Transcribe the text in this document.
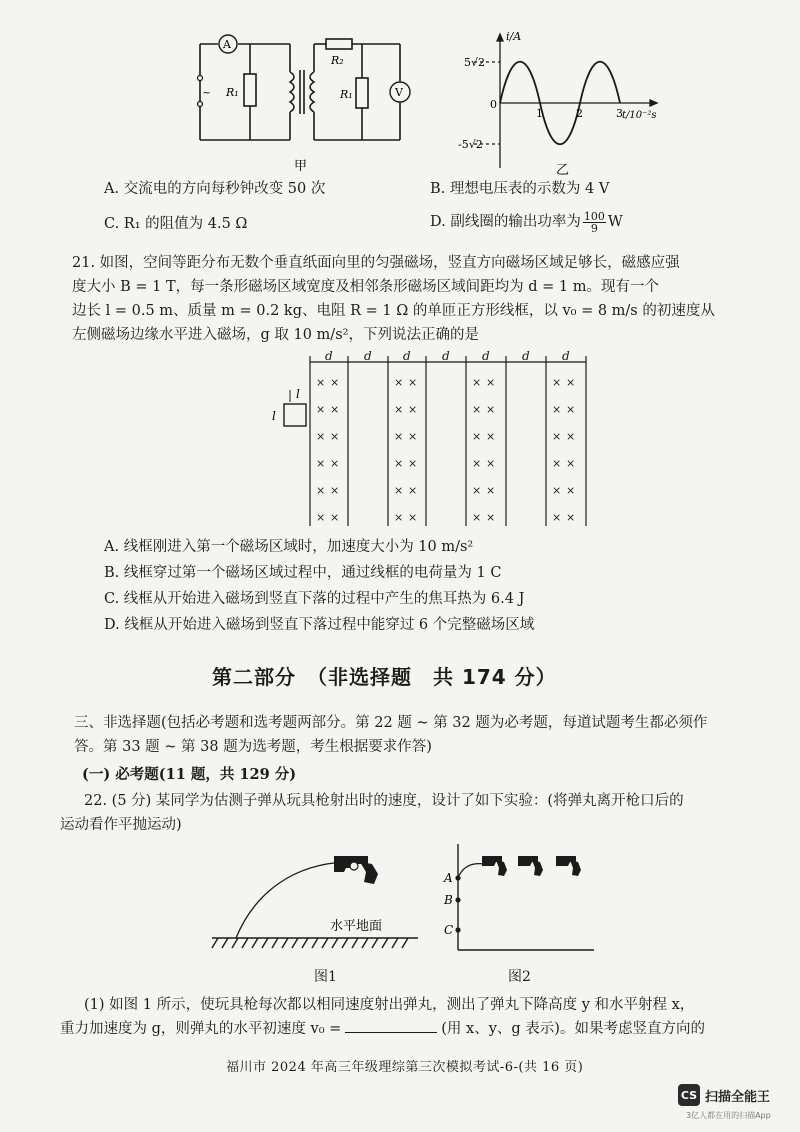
~
A
V
R₁
R₂
R₁
甲
i/A
t/10⁻²s
5√2
-5√2
0
1	2	3
乙
A. 交流电的方向每秒钟改变 50 次	B. 理想电压表的示数为 4 V
C. R₁ 的阻值为 4.5 Ω	D. 副线圈的输出功率为 $\frac{100}{9}$ W
21. 如图，空间等距分布无数个垂直纸面向里的匀强磁场，竖直方向磁场区域足够长，磁感应强
度大小 B = 1 T，每一条形磁场区域宽度及相邻条形磁场区域间距均为 d = 1 m。现有一个
边长 l = 0.5 m、质量 m = 0.2 kg、电阻 R = 1 Ω 的单匝正方形线框，以 v₀ = 8 m/s 的初速度从
左侧磁场边缘水平进入磁场，g 取 10 m/s²，下列说法正确的是
× ×
× ×
× ×
× ×
× ×
× ×
× ×
× ×
× ×
× ×
× ×
× ×
× ×
× ×
× ×
× ×
× ×
× ×
× ×
× ×
× ×
× ×
× ×
× ×
d	d	d	d	d	d	d
l
l
A. 线框刚进入第一个磁场区域时，加速度大小为 10 m/s²
B. 线框穿过第一个磁场区域过程中，通过线框的电荷量为 1 C
C. 线框从开始进入磁场到竖直下落的过程中产生的焦耳热为 6.4 J
D. 线框从开始进入磁场到竖直下落过程中能穿过 6 个完整磁场区域
第二部分　（非选择题　共 174 分）
三、非选择题(包括必考题和选考题两部分。第 22 题 ~ 第 32 题为必考题，每道试题考生都必须作
答。第 33 题 ~ 第 38 题为选考题，考生根据要求作答)
(一) 必考题(11 题，共 129 分)
22. (5 分) 某同学为估测子弹从玩具枪射出时的速度，设计了如下实验：(将弹丸离开枪口后的
运动看作平抛运动)
水平地面
图1
A
B
C
图2
(1) 如图 1 所示，使玩具枪每次都以相同速度射出弹丸，测出了弹丸下降高度 y 和水平射程 x，
重力加速度为 g，则弹丸的水平初速度 v₀ =	(用 x、y、g 表示)。如果考虑竖直方向的
福川市 2024 年高三年级理综第三次模拟考试-6-(共 16 页)
CS 扫描全能王
3亿人都在用的扫描App
